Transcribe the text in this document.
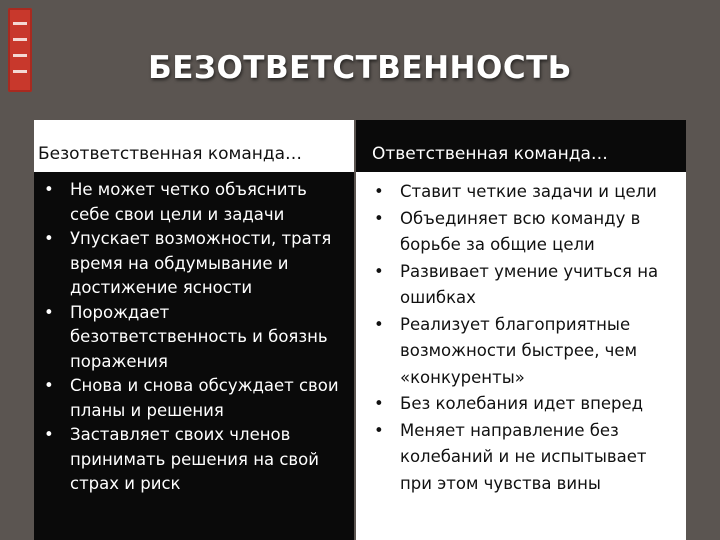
БЕЗОТВЕТСТВЕННОСТЬ
Безответственная команда…
• Не может четко объяснить себе свои цели и задачи
• Упускает возможности, тратя время на обдумывание и достижение ясности
• Порождает безответственность и боязнь поражения
• Снова и снова обсуждает свои планы и решения
• Заставляет своих членов принимать решения на свой страх и риск
Ответственная команда…
• Ставит четкие задачи и цели
• Объединяет всю команду в борьбе за общие цели
• Развивает умение учиться на ошибках
• Реализует благоприятные возможности быстрее, чем «конкуренты»
• Без колебания идет вперед
• Меняет направление без колебаний и не испытывает при этом чувства вины
